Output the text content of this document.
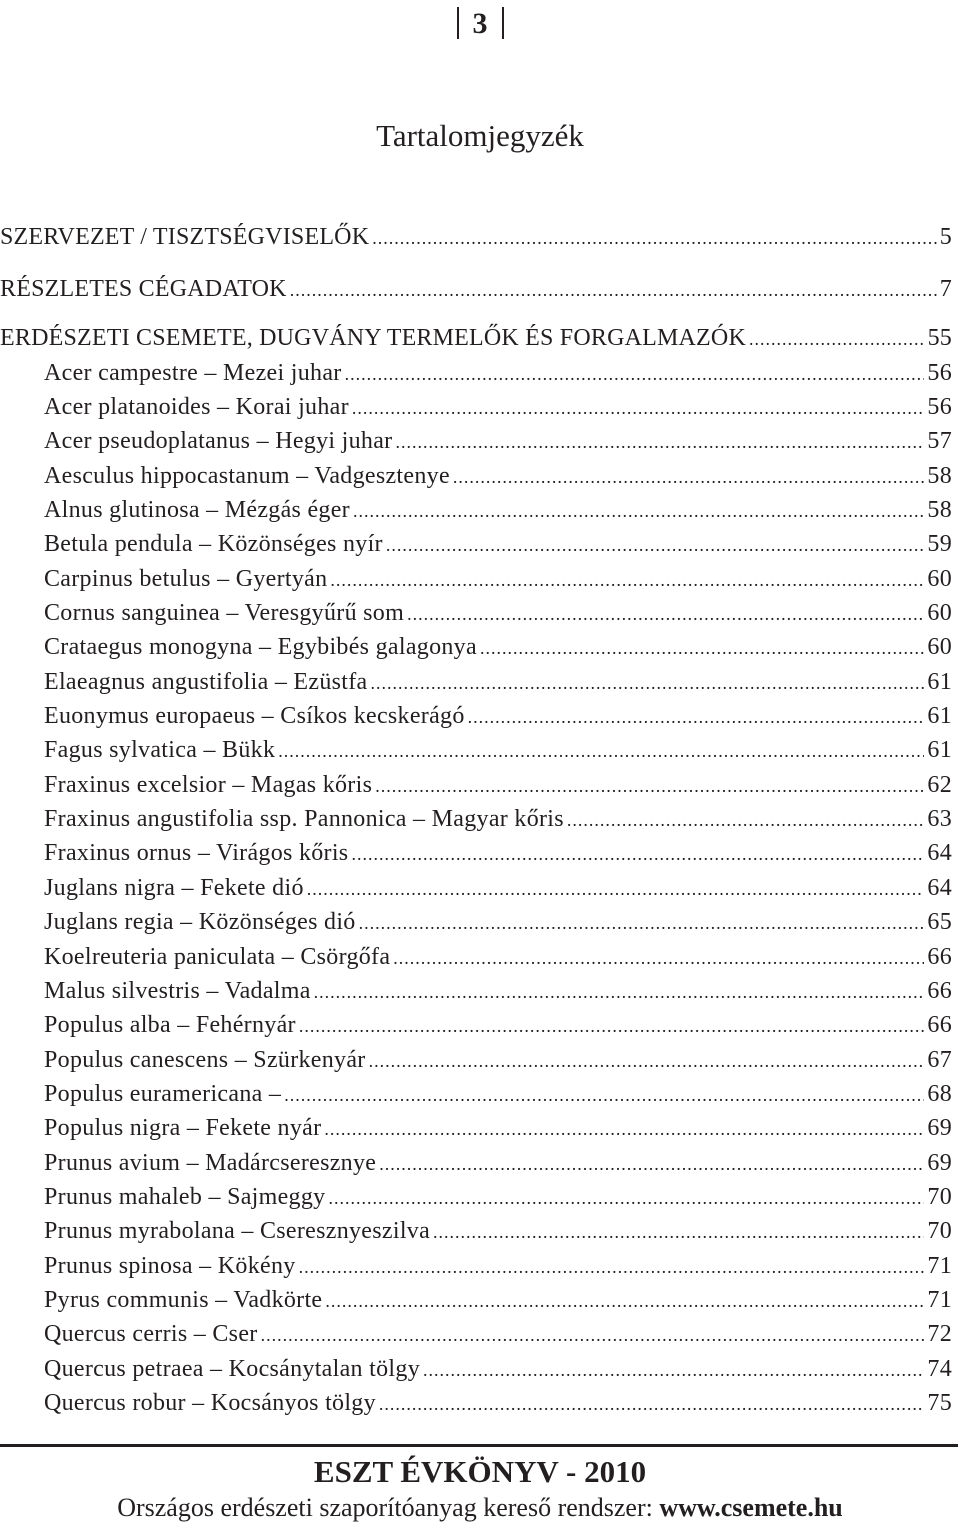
3
Tartalomjegyzék
SZERVEZET / TISZTSÉGVISELŐK .....	5
RÉSZLETES CÉGADATOK .....	7
ERDÉSZETI CSEMETE, DUGVÁNY TERMELŐK ÉS FORGALMAZÓK .....	55
Acer campestre – Mezei juhar .....	56
Acer platanoides – Korai juhar .....	56
Acer pseudoplatanus – Hegyi juhar .....	57
Aesculus hippocastanum – Vadgesztenye .....	58
Alnus glutinosa – Mézgás éger .....	58
Betula pendula – Közönséges nyír .....	59
Carpinus betulus – Gyertyán .....	60
Cornus sanguinea – Veresgyűrű som .....	60
Crataegus monogyna – Egybibés galagonya .....	60
Elaeagnus angustifolia – Ezüstfa .....	61
Euonymus europaeus – Csíkos kecskerágó .....	61
Fagus sylvatica – Bükk .....	61
Fraxinus excelsior – Magas kőris .....	62
Fraxinus angustifolia ssp. Pannonica – Magyar kőris .....	63
Fraxinus ornus – Virágos kőris .....	64
Juglans nigra – Fekete dió .....	64
Juglans regia – Közönséges dió .....	65
Koelreuteria paniculata – Csörgőfa .....	66
Malus silvestris – Vadalma .....	66
Populus alba – Fehérnyár .....	66
Populus canescens – Szürkenyár .....	67
Populus euramericana – .....	68
Populus nigra – Fekete nyár .....	69
Prunus avium – Madárcseresznye .....	69
Prunus mahaleb – Sajmeggy .....	70
Prunus myrabolana – Cseresznyeszilva .....	70
Prunus spinosa – Kökény .....	71
Pyrus communis – Vadkörte .....	71
Quercus cerris – Cser .....	72
Quercus petraea – Kocsánytalan tölgy .....	74
Quercus robur – Kocsányos tölgy .....	75
ESZT ÉVKÖNYV - 2010
Országos erdészeti szaporítóanyag kereső rendszer: www.csemete.hu
